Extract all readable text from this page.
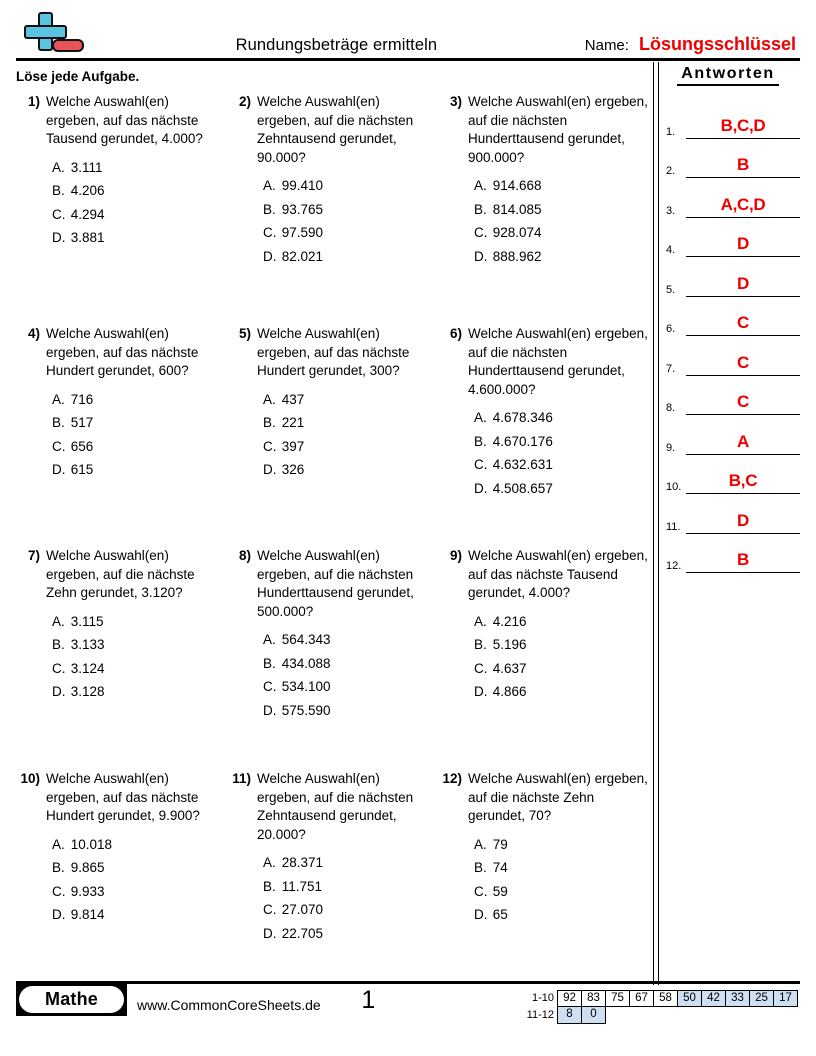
Rundungsbeträge ermitteln	Name: Lösungsschlüssel
Löse jede Aufgabe.	Antworten
1) Welche Auswahl(en) ergeben, auf das nächste Tausend gerundet, 4.000?
A. 3.111
B. 4.206
C. 4.294
D. 3.881
2) Welche Auswahl(en) ergeben, auf die nächsten Zehntausend gerundet, 90.000?
A. 99.410
B. 93.765
C. 97.590
D. 82.021
3) Welche Auswahl(en) ergeben, auf die nächsten Hunderttausend gerundet, 900.000?
A. 914.668
B. 814.085
C. 928.074
D. 888.962
4) Welche Auswahl(en) ergeben, auf das nächste Hundert gerundet, 600?
A. 716
B. 517
C. 656
D. 615
5) Welche Auswahl(en) ergeben, auf das nächste Hundert gerundet, 300?
A. 437
B. 221
C. 397
D. 326
6) Welche Auswahl(en) ergeben, auf die nächsten Hunderttausend gerundet, 4.600.000?
A. 4.678.346
B. 4.670.176
C. 4.632.631
D. 4.508.657
7) Welche Auswahl(en) ergeben, auf die nächste Zehn gerundet, 3.120?
A. 3.115
B. 3.133
C. 3.124
D. 3.128
8) Welche Auswahl(en) ergeben, auf die nächsten Hunderttausend gerundet, 500.000?
A. 564.343
B. 434.088
C. 534.100
D. 575.590
9) Welche Auswahl(en) ergeben, auf das nächste Tausend gerundet, 4.000?
A. 4.216
B. 5.196
C. 4.637
D. 4.866
10) Welche Auswahl(en) ergeben, auf das nächste Hundert gerundet, 9.900?
A. 10.018
B. 9.865
C. 9.933
D. 9.814
11) Welche Auswahl(en) ergeben, auf die nächsten Zehntausend gerundet, 20.000?
A. 28.371
B. 11.751
C. 27.070
D. 22.705
12) Welche Auswahl(en) ergeben, auf die nächste Zehn gerundet, 70?
A. 79
B. 74
C. 59
D. 65
1.	B,C,D
2.	B
3.	A,C,D
4.	D
5.	D
6.	C
7.	C
8.	C
9.	A
10.	B,C
11.	D
12.	B
Mathe	www.CommonCoreSheets.de	1	1-10 92 83 75 67 58 50 42 33 25 17
11-12	8	0
